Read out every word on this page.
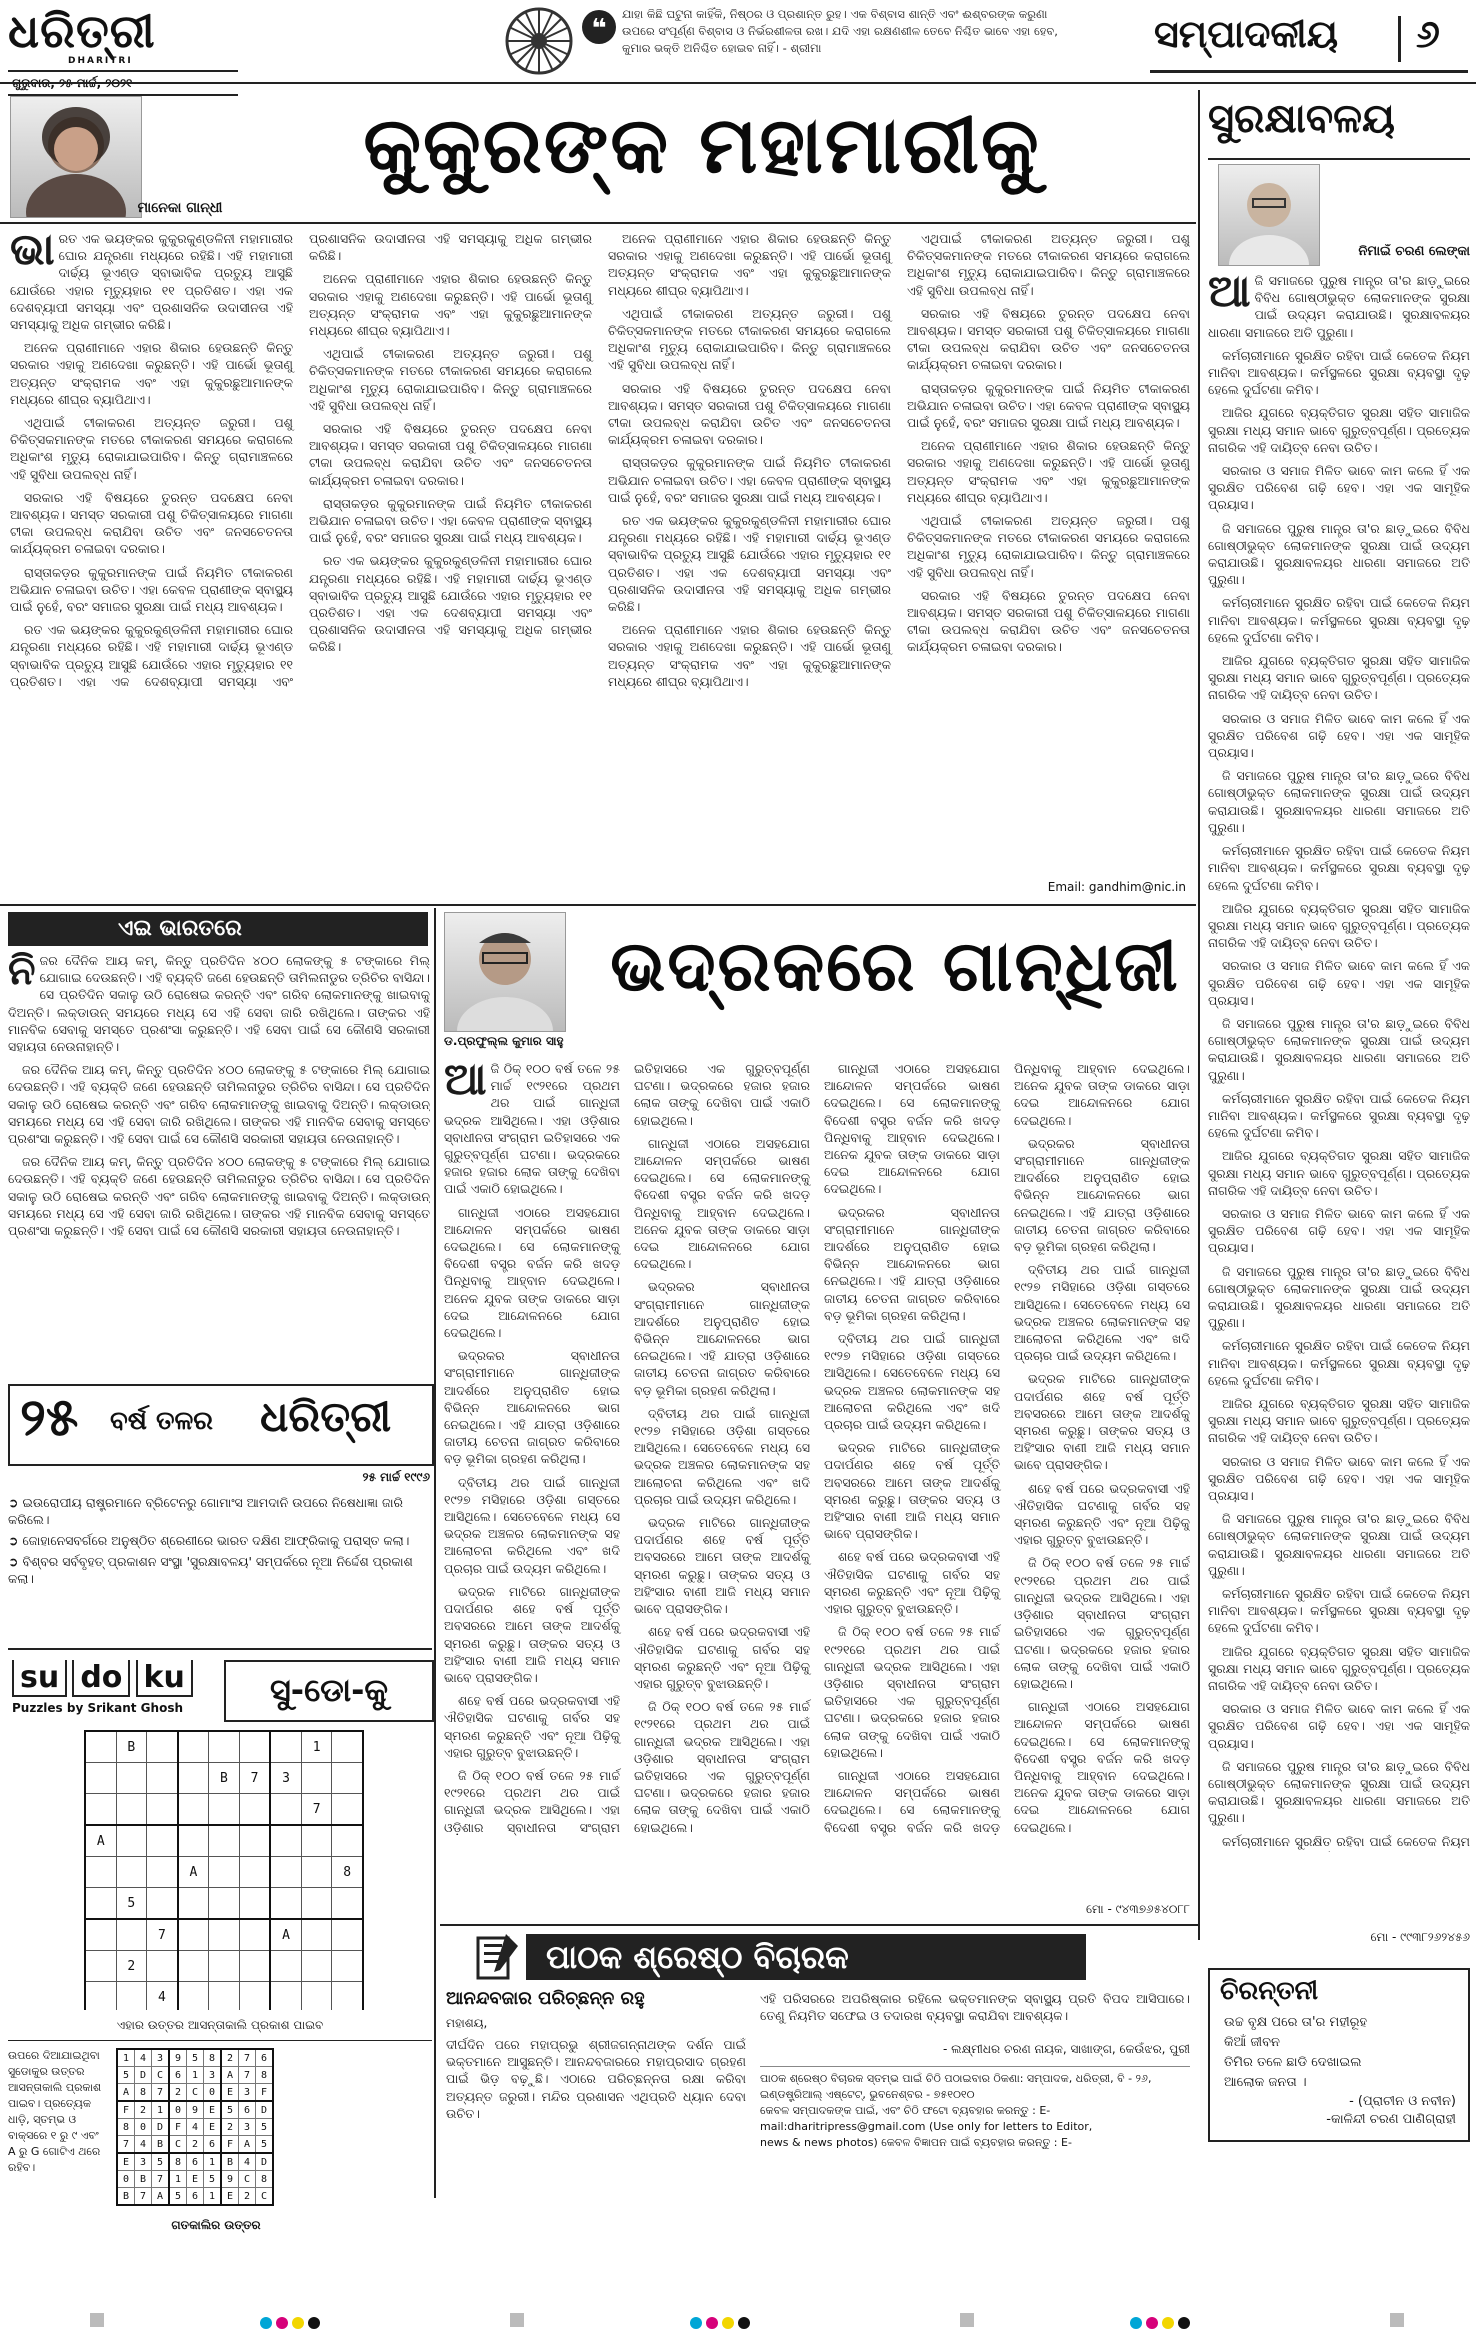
ଧରିତ୍ରୀ
DHARITRI
❝	ଯାହା କିଛି ଘଟୁନା କାହିଁକି, ନିଷ୍ଠର ଓ ପ୍ରଶାନ୍ତ ରୁହ। ଏକ ବିଶ୍ବାସ ଶାନ୍ତି ଏବଂ ଈଶ୍ବରଙ୍କ କରୁଣା ଉପରେ ସଂପୂର୍ଣ୍ଣ ବିଶ୍ବାସ ଓ ନିର୍ଭରଶୀଳତା ରଖ। ଯଦି ଏହା ରକ୍ଷଣଶୀଳ ତେବେ ନିଶ୍ଚିତ ଭାବେ ଏହା ହେବ, କୁମାର ଭକ୍ତି ଅନିଶ୍ଚିତ ହୋଇବ ନାହିଁ। - ଶ୍ରୀମା	ସମ୍ପାଦକୀୟ ୬
ମାନେକା ଗାନ୍ଧୀ
କୁକୁରଙ୍କ ମହାମାରୀକୁ

ଭାରତ ଏକ ଭୟଙ୍କର କୁକୁରକୁଣ୍ଡଳିନୀ ମହାମାରୀର ଘୋର ଯନ୍ତ୍ରଣା ମଧ୍ୟରେ ରହିଛି। ଏହି ମହାମାରୀ ଦାର୍ଢ୍ୟ ଭୂଏଣ୍ଡ ସ୍ବାଭାବିକ ପ୍ରତ୍ୟୁ ଆସୁଛି ଯୋଉଁରେ ଏହାର ମୃତ୍ୟୁହାର ୧୧ ପ୍ରତିଶତ। ଏହା ଏକ ଦେଶବ୍ୟାପୀ ସମସ୍ୟା ଏବଂ ପ୍ରଶାସନିକ ଉଦାସୀନତା ଏହି ସମସ୍ୟାକୁ ଅଧିକ ଗମ୍ଭୀର କରିଛି।

ଅନେକ ପ୍ରାଣୀମାନେ ଏହାର ଶିକାର ହେଉଛନ୍ତି କିନ୍ତୁ ସରକାର ଏହାକୁ ଅଣଦେଖା କରୁଛନ୍ତି। ଏହି ପାର୍ଭୋ ଭୂତାଣୁ ଅତ୍ୟନ୍ତ ସଂକ୍ରାମକ ଏବଂ ଏହା କୁକୁରଛୁଆମାନଙ୍କ ମଧ୍ୟରେ ଶୀଘ୍ର ବ୍ୟାପିଥାଏ।

ଏଥିପାଇଁ ଟୀକାକରଣ ଅତ୍ୟନ୍ତ ଜରୁରୀ। ପଶୁ ଚିକିତ୍ସକମାନଙ୍କ ମତରେ ଟୀକାକରଣ ସମୟରେ କରାଗଲେ ଅଧିକାଂଶ ମୃତ୍ୟୁ ରୋକାଯାଇପାରିବ। କିନ୍ତୁ ଗ୍ରାମାଞ୍ଚଳରେ ଏହି ସୁବିଧା ଉପଲବ୍ଧ ନାହିଁ।

ସରକାର ଏହି ବିଷୟରେ ତୁରନ୍ତ ପଦକ୍ଷେପ ନେବା ଆବଶ୍ୟକ। ସମସ୍ତ ସରକାରୀ ପଶୁ ଚିକିତ୍ସାଳୟରେ ମାଗଣା ଟୀକା ଉପଲବ୍ଧ କରାଯିବା ଉଚିତ ଏବଂ ଜନସଚେତନତା କାର୍ଯ୍ୟକ୍ରମ ଚଳାଇବା ଦରକାର।

ରାସ୍ତାକଡ଼ର କୁକୁରମାନଙ୍କ ପାଇଁ ନିୟମିତ ଟୀକାକରଣ ଅଭିଯାନ ଚଳାଇବା ଉଚିତ। ଏହା କେବଳ ପ୍ରାଣୀଙ୍କ ସ୍ବାସ୍ଥ୍ୟ ପାଇଁ ନୁହେଁ, ବରଂ ସମାଜର ସୁରକ୍ଷା ପାଇଁ ମଧ୍ୟ ଆବଶ୍ୟକ।

ରତ ଏକ ଭୟଙ୍କର କୁକୁରକୁଣ୍ଡଳିନୀ ମହାମାରୀର ଘୋର ଯନ୍ତ୍ରଣା ମଧ୍ୟରେ ରହିଛି। ଏହି ମହାମାରୀ ଦାର୍ଢ୍ୟ ଭୂଏଣ୍ଡ ସ୍ବାଭାବିକ ପ୍ରତ୍ୟୁ ଆସୁଛି ଯୋଉଁରେ ଏହାର ମୃତ୍ୟୁହାର ୧୧ ପ୍ରତିଶତ। ଏହା ଏକ ଦେଶବ୍ୟାପୀ ସମସ୍ୟା ଏବଂ ପ୍ରଶାସନିକ ଉଦାସୀନତା ଏହି ସମସ୍ୟାକୁ ଅଧିକ ଗମ୍ଭୀର କରିଛି।

ଅନେକ ପ୍ରାଣୀମାନେ ଏହାର ଶିକାର ହେଉଛନ୍ତି କିନ୍ତୁ ସରକାର ଏହାକୁ ଅଣଦେଖା କରୁଛନ୍ତି। ଏହି ପାର୍ଭୋ ଭୂତାଣୁ ଅତ୍ୟନ୍ତ ସଂକ୍ରାମକ ଏବଂ ଏହା କୁକୁରଛୁଆମାନଙ୍କ ମଧ୍ୟରେ ଶୀଘ୍ର ବ୍ୟାପିଥାଏ।

ଏଥିପାଇଁ ଟୀକାକରଣ ଅତ୍ୟନ୍ତ ଜରୁରୀ। ପଶୁ ଚିକିତ୍ସକମାନଙ୍କ ମତରେ ଟୀକାକରଣ ସମୟରେ କରାଗଲେ ଅଧିକାଂଶ ମୃତ୍ୟୁ ରୋକାଯାଇପାରିବ। କିନ୍ତୁ ଗ୍ରାମାଞ୍ଚଳରେ ଏହି ସୁବିଧା ଉପଲବ୍ଧ ନାହିଁ।

ସରକାର ଏହି ବିଷୟରେ ତୁରନ୍ତ ପଦକ୍ଷେପ ନେବା ଆବଶ୍ୟକ। ସମସ୍ତ ସରକାରୀ ପଶୁ ଚିକିତ୍ସାଳୟରେ ମାଗଣା ଟୀକା ଉପଲବ୍ଧ କରାଯିବା ଉଚିତ ଏବଂ ଜନସଚେତନତା କାର୍ଯ୍ୟକ୍ରମ ଚଳାଇବା ଦରକାର।

ରାସ୍ତାକଡ଼ର କୁକୁରମାନଙ୍କ ପାଇଁ ନିୟମିତ ଟୀକାକରଣ ଅଭିଯାନ ଚଳାଇବା ଉଚିତ। ଏହା କେବଳ ପ୍ରାଣୀଙ୍କ ସ୍ବାସ୍ଥ୍ୟ ପାଇଁ ନୁହେଁ, ବରଂ ସମାଜର ସୁରକ୍ଷା ପାଇଁ ମଧ୍ୟ ଆବଶ୍ୟକ।

ରତ ଏକ ଭୟଙ୍କର କୁକୁରକୁଣ୍ଡଳିନୀ ମହାମାରୀର ଘୋର ଯନ୍ତ୍ରଣା ମଧ୍ୟରେ ରହିଛି। ଏହି ମହାମାରୀ ଦାର୍ଢ୍ୟ ଭୂଏଣ୍ଡ ସ୍ବାଭାବିକ ପ୍ରତ୍ୟୁ ଆସୁଛି ଯୋଉଁରେ ଏହାର ମୃତ୍ୟୁହାର ୧୧ ପ୍ରତିଶତ। ଏହା ଏକ ଦେଶବ୍ୟାପୀ ସମସ୍ୟା ଏବଂ ପ୍ରଶାସନିକ ଉଦାସୀନତା ଏହି ସମସ୍ୟାକୁ ଅଧିକ ଗମ୍ଭୀର କରିଛି।

ଅନେକ ପ୍ରାଣୀମାନେ ଏହାର ଶିକାର ହେଉଛନ୍ତି କିନ୍ତୁ ସରକାର ଏହାକୁ ଅଣଦେଖା କରୁଛନ୍ତି। ଏହି ପାର୍ଭୋ ଭୂତାଣୁ ଅତ୍ୟନ୍ତ ସଂକ୍ରାମକ ଏବଂ ଏହା କୁକୁରଛୁଆମାନଙ୍କ ମଧ୍ୟରେ ଶୀଘ୍ର ବ୍ୟାପିଥାଏ।

ଏଥିପାଇଁ ଟୀକାକରଣ ଅତ୍ୟନ୍ତ ଜରୁରୀ। ପଶୁ ଚିକିତ୍ସକମାନଙ୍କ ମତରେ ଟୀକାକରଣ ସମୟରେ କରାଗଲେ ଅଧିକାଂଶ ମୃତ୍ୟୁ ରୋକାଯାଇପାରିବ। କିନ୍ତୁ ଗ୍ରାମାଞ୍ଚଳରେ ଏହି ସୁବିଧା ଉପଲବ୍ଧ ନାହିଁ।

ସରକାର ଏହି ବିଷୟରେ ତୁରନ୍ତ ପଦକ୍ଷେପ ନେବା ଆବଶ୍ୟକ। ସମସ୍ତ ସରକାରୀ ପଶୁ ଚିକିତ୍ସାଳୟରେ ମାଗଣା ଟୀକା ଉପଲବ୍ଧ କରାଯିବା ଉଚିତ ଏବଂ ଜନସଚେତନତା କାର୍ଯ୍ୟକ୍ରମ ଚଳାଇବା ଦରକାର।

ରାସ୍ତାକଡ଼ର କୁକୁରମାନଙ୍କ ପାଇଁ ନିୟମିତ ଟୀକାକରଣ ଅଭିଯାନ ଚଳାଇବା ଉଚିତ। ଏହା କେବଳ ପ୍ରାଣୀଙ୍କ ସ୍ବାସ୍ଥ୍ୟ ପାଇଁ ନୁହେଁ, ବରଂ ସମାଜର ସୁରକ୍ଷା ପାଇଁ ମଧ୍ୟ ଆବଶ୍ୟକ।

ରତ ଏକ ଭୟଙ୍କର କୁକୁରକୁଣ୍ଡଳିନୀ ମହାମାରୀର ଘୋର ଯନ୍ତ୍ରଣା ମଧ୍ୟରେ ରହିଛି। ଏହି ମହାମାରୀ ଦାର୍ଢ୍ୟ ଭୂଏଣ୍ଡ ସ୍ବାଭାବିକ ପ୍ରତ୍ୟୁ ଆସୁଛି ଯୋଉଁରେ ଏହାର ମୃତ୍ୟୁହାର ୧୧ ପ୍ରତିଶତ। ଏହା ଏକ ଦେଶବ୍ୟାପୀ ସମସ୍ୟା ଏବଂ ପ୍ରଶାସନିକ ଉଦାସୀନତା ଏହି ସମସ୍ୟାକୁ ଅଧିକ ଗମ୍ଭୀର କରିଛି।

ଅନେକ ପ୍ରାଣୀମାନେ ଏହାର ଶିକାର ହେଉଛନ୍ତି କିନ୍ତୁ ସରକାର ଏହାକୁ ଅଣଦେଖା କରୁଛନ୍ତି। ଏହି ପାର୍ଭୋ ଭୂତାଣୁ ଅତ୍ୟନ୍ତ ସଂକ୍ରାମକ ଏବଂ ଏହା କୁକୁରଛୁଆମାନଙ୍କ ମଧ୍ୟରେ ଶୀଘ୍ର ବ୍ୟାପିଥାଏ।

ଏଥିପାଇଁ ଟୀକାକରଣ ଅତ୍ୟନ୍ତ ଜରୁରୀ। ପଶୁ ଚିକିତ୍ସକମାନଙ୍କ ମତରେ ଟୀକାକରଣ ସମୟରେ କରାଗଲେ ଅଧିକାଂଶ ମୃତ୍ୟୁ ରୋକାଯାଇପାରିବ। କିନ୍ତୁ ଗ୍ରାମାଞ୍ଚଳରେ ଏହି ସୁବିଧା ଉପଲବ୍ଧ ନାହିଁ।

ସରକାର ଏହି ବିଷୟରେ ତୁରନ୍ତ ପଦକ୍ଷେପ ନେବା ଆବଶ୍ୟକ। ସମସ୍ତ ସରକାରୀ ପଶୁ ଚିକିତ୍ସାଳୟରେ ମାଗଣା ଟୀକା ଉପଲବ୍ଧ କରାଯିବା ଉଚିତ ଏବଂ ଜନସଚେତନତା କାର୍ଯ୍ୟକ୍ରମ ଚଳାଇବା ଦରକାର।

ରାସ୍ତାକଡ଼ର କୁକୁରମାନଙ୍କ ପାଇଁ ନିୟମିତ ଟୀକାକରଣ ଅଭିଯାନ ଚଳାଇବା ଉଚିତ। ଏହା କେବଳ ପ୍ରାଣୀଙ୍କ ସ୍ବାସ୍ଥ୍ୟ ପାଇଁ ନୁହେଁ, ବରଂ ସମାଜର ସୁରକ୍ଷା ପାଇଁ ମଧ୍ୟ ଆବଶ୍ୟକ।

ଅନେକ ପ୍ରାଣୀମାନେ ଏହାର ଶିକାର ହେଉଛନ୍ତି କିନ୍ତୁ ସରକାର ଏହାକୁ ଅଣଦେଖା କରୁଛନ୍ତି। ଏହି ପାର୍ଭୋ ଭୂତାଣୁ ଅତ୍ୟନ୍ତ ସଂକ୍ରାମକ ଏବଂ ଏହା କୁକୁରଛୁଆମାନଙ୍କ ମଧ୍ୟରେ ଶୀଘ୍ର ବ୍ୟାପିଥାଏ।

ଏଥିପାଇଁ ଟୀକାକରଣ ଅତ୍ୟନ୍ତ ଜରୁରୀ। ପଶୁ ଚିକିତ୍ସକମାନଙ୍କ ମତରେ ଟୀକାକରଣ ସମୟରେ କରାଗଲେ ଅଧିକାଂଶ ମୃତ୍ୟୁ ରୋକାଯାଇପାରିବ। କିନ୍ତୁ ଗ୍ରାମାଞ୍ଚଳରେ ଏହି ସୁବିଧା ଉପଲବ୍ଧ ନାହିଁ।

ସରକାର ଏହି ବିଷୟରେ ତୁରନ୍ତ ପଦକ୍ଷେପ ନେବା ଆବଶ୍ୟକ। ସମସ୍ତ ସରକାରୀ ପଶୁ ଚିକିତ୍ସାଳୟରେ ମାଗଣା ଟୀକା ଉପଲବ୍ଧ କରାଯିବା ଉଚିତ ଏବଂ ଜନସଚେତନତା କାର୍ଯ୍ୟକ୍ରମ ଚଳାଇବା ଦରକାର।

Email: gandhim@nic.in
ସୁରକ୍ଷାବଳୟ
ନିମାଇଁ ଚରଣ ଲେଙ୍କା

ଆଜି ସମାଜରେ ପୁରୁଷ ମାନ୍ତ୍ର ତା'ର ଛାଡ଼ୁଇରେ ବିବିଧ ଗୋଷ୍ଠୀଭୁକ୍ତ ଲୋକମାନଙ୍କ ସୁରକ୍ଷା ପାଇଁ ଉଦ୍ୟମ କରାଯାଉଛି। ସୁରକ୍ଷାବଳୟର ଧାରଣା ସମାଜରେ ଅତି ପୁରୁଣା।

କର୍ମଚାରୀମାନେ ସୁରକ୍ଷିତ ରହିବା ପାଇଁ କେତେକ ନିୟମ ମାନିବା ଆବଶ୍ୟକ। କର୍ମସ୍ଥଳରେ ସୁରକ୍ଷା ବ୍ୟବସ୍ଥା ଦୃଢ଼ ହେଲେ ଦୁର୍ଘଟଣା କମିବ।

ଆଜିର ଯୁଗରେ ବ୍ୟକ୍ତିଗତ ସୁରକ୍ଷା ସହିତ ସାମାଜିକ ସୁରକ୍ଷା ମଧ୍ୟ ସମାନ ଭାବେ ଗୁରୁତ୍ବପୂର୍ଣ୍ଣ। ପ୍ରତ୍ୟେକ ନାଗରିକ ଏହି ଦାୟିତ୍ବ ନେବା ଉଚିତ।

ସରକାର ଓ ସମାଜ ମିଳିତ ଭାବେ କାମ କଲେ ହିଁ ଏକ ସୁରକ୍ଷିତ ପରିବେଶ ଗଢ଼ି ହେବ। ଏହା ଏକ ସାମୂହିକ ପ୍ରୟାସ।

ଜି ସମାଜରେ ପୁରୁଷ ମାନ୍ତ୍ର ତା'ର ଛାଡ଼ୁଇରେ ବିବିଧ ଗୋଷ୍ଠୀଭୁକ୍ତ ଲୋକମାନଙ୍କ ସୁରକ୍ଷା ପାଇଁ ଉଦ୍ୟମ କରାଯାଉଛି। ସୁରକ୍ଷାବଳୟର ଧାରଣା ସମାଜରେ ଅତି ପୁରୁଣା।

କର୍ମଚାରୀମାନେ ସୁରକ୍ଷିତ ରହିବା ପାଇଁ କେତେକ ନିୟମ ମାନିବା ଆବଶ୍ୟକ। କର୍ମସ୍ଥଳରେ ସୁରକ୍ଷା ବ୍ୟବସ୍ଥା ଦୃଢ଼ ହେଲେ ଦୁର୍ଘଟଣା କମିବ।

ଆଜିର ଯୁଗରେ ବ୍ୟକ୍ତିଗତ ସୁରକ୍ଷା ସହିତ ସାମାଜିକ ସୁରକ୍ଷା ମଧ୍ୟ ସମାନ ଭାବେ ଗୁରୁତ୍ବପୂର୍ଣ୍ଣ। ପ୍ରତ୍ୟେକ ନାଗରିକ ଏହି ଦାୟିତ୍ବ ନେବା ଉଚିତ।

ସରକାର ଓ ସମାଜ ମିଳିତ ଭାବେ କାମ କଲେ ହିଁ ଏକ ସୁରକ୍ଷିତ ପରିବେଶ ଗଢ଼ି ହେବ। ଏହା ଏକ ସାମୂହିକ ପ୍ରୟାସ।

ଜି ସମାଜରେ ପୁରୁଷ ମାନ୍ତ୍ର ତା'ର ଛାଡ଼ୁଇରେ ବିବିଧ ଗୋଷ୍ଠୀଭୁକ୍ତ ଲୋକମାନଙ୍କ ସୁରକ୍ଷା ପାଇଁ ଉଦ୍ୟମ କରାଯାଉଛି। ସୁରକ୍ଷାବଳୟର ଧାରଣା ସମାଜରେ ଅତି ପୁରୁଣା।

କର୍ମଚାରୀମାନେ ସୁରକ୍ଷିତ ରହିବା ପାଇଁ କେତେକ ନିୟମ ମାନିବା ଆବଶ୍ୟକ। କର୍ମସ୍ଥଳରେ ସୁରକ୍ଷା ବ୍ୟବସ୍ଥା ଦୃଢ଼ ହେଲେ ଦୁର୍ଘଟଣା କମିବ।

ଆଜିର ଯୁଗରେ ବ୍ୟକ୍ତିଗତ ସୁରକ୍ଷା ସହିତ ସାମାଜିକ ସୁରକ୍ଷା ମଧ୍ୟ ସମାନ ଭାବେ ଗୁରୁତ୍ବପୂର୍ଣ୍ଣ। ପ୍ରତ୍ୟେକ ନାଗରିକ ଏହି ଦାୟିତ୍ବ ନେବା ଉଚିତ।

ସରକାର ଓ ସମାଜ ମିଳିତ ଭାବେ କାମ କଲେ ହିଁ ଏକ ସୁରକ୍ଷିତ ପରିବେଶ ଗଢ଼ି ହେବ। ଏହା ଏକ ସାମୂହିକ ପ୍ରୟାସ।

ଜି ସମାଜରେ ପୁରୁଷ ମାନ୍ତ୍ର ତା'ର ଛାଡ଼ୁଇରେ ବିବିଧ ଗୋଷ୍ଠୀଭୁକ୍ତ ଲୋକମାନଙ୍କ ସୁରକ୍ଷା ପାଇଁ ଉଦ୍ୟମ କରାଯାଉଛି। ସୁରକ୍ଷାବଳୟର ଧାରଣା ସମାଜରେ ଅତି ପୁରୁଣା।

କର୍ମଚାରୀମାନେ ସୁରକ୍ଷିତ ରହିବା ପାଇଁ କେତେକ ନିୟମ ମାନିବା ଆବଶ୍ୟକ। କର୍ମସ୍ଥଳରେ ସୁରକ୍ଷା ବ୍ୟବସ୍ଥା ଦୃଢ଼ ହେଲେ ଦୁର୍ଘଟଣା କମିବ।

ଆଜିର ଯୁଗରେ ବ୍ୟକ୍ତିଗତ ସୁରକ୍ଷା ସହିତ ସାମାଜିକ ସୁରକ୍ଷା ମଧ୍ୟ ସମାନ ଭାବେ ଗୁରୁତ୍ବପୂର୍ଣ୍ଣ। ପ୍ରତ୍ୟେକ ନାଗରିକ ଏହି ଦାୟିତ୍ବ ନେବା ଉଚିତ।

ସରକାର ଓ ସମାଜ ମିଳିତ ଭାବେ କାମ କଲେ ହିଁ ଏକ ସୁରକ୍ଷିତ ପରିବେଶ ଗଢ଼ି ହେବ। ଏହା ଏକ ସାମୂହିକ ପ୍ରୟାସ।

ଜି ସମାଜରେ ପୁରୁଷ ମାନ୍ତ୍ର ତା'ର ଛାଡ଼ୁଇରେ ବିବିଧ ଗୋଷ୍ଠୀଭୁକ୍ତ ଲୋକମାନଙ୍କ ସୁରକ୍ଷା ପାଇଁ ଉଦ୍ୟମ କରାଯାଉଛି। ସୁରକ୍ଷାବଳୟର ଧାରଣା ସମାଜରେ ଅତି ପୁରୁଣା।

କର୍ମଚାରୀମାନେ ସୁରକ୍ଷିତ ରହିବା ପାଇଁ କେତେକ ନିୟମ ମାନିବା ଆବଶ୍ୟକ। କର୍ମସ୍ଥଳରେ ସୁରକ୍ଷା ବ୍ୟବସ୍ଥା ଦୃଢ଼ ହେଲେ ଦୁର୍ଘଟଣା କମିବ।

ଆଜିର ଯୁଗରେ ବ୍ୟକ୍ତିଗତ ସୁରକ୍ଷା ସହିତ ସାମାଜିକ ସୁରକ୍ଷା ମଧ୍ୟ ସମାନ ଭାବେ ଗୁରୁତ୍ବପୂର୍ଣ୍ଣ। ପ୍ରତ୍ୟେକ ନାଗରିକ ଏହି ଦାୟିତ୍ବ ନେବା ଉଚିତ।

ସରକାର ଓ ସମାଜ ମିଳିତ ଭାବେ କାମ କଲେ ହିଁ ଏକ ସୁରକ୍ଷିତ ପରିବେଶ ଗଢ଼ି ହେବ। ଏହା ଏକ ସାମୂହିକ ପ୍ରୟାସ।

ଜି ସମାଜରେ ପୁରୁଷ ମାନ୍ତ୍ର ତା'ର ଛାଡ଼ୁଇରେ ବିବିଧ ଗୋଷ୍ଠୀଭୁକ୍ତ ଲୋକମାନଙ୍କ ସୁରକ୍ଷା ପାଇଁ ଉଦ୍ୟମ କରାଯାଉଛି। ସୁରକ୍ଷାବଳୟର ଧାରଣା ସମାଜରେ ଅତି ପୁରୁଣା।

କର୍ମଚାରୀମାନେ ସୁରକ୍ଷିତ ରହିବା ପାଇଁ କେତେକ ନିୟମ ମାନିବା ଆବଶ୍ୟକ। କର୍ମସ୍ଥଳରେ ସୁରକ୍ଷା ବ୍ୟବସ୍ଥା ଦୃଢ଼ ହେଲେ ଦୁର୍ଘଟଣା କମିବ।

ଆଜିର ଯୁଗରେ ବ୍ୟକ୍ତିଗତ ସୁରକ୍ଷା ସହିତ ସାମାଜିକ ସୁରକ୍ଷା ମଧ୍ୟ ସମାନ ଭାବେ ଗୁରୁତ୍ବପୂର୍ଣ୍ଣ। ପ୍ରତ୍ୟେକ ନାଗରିକ ଏହି ଦାୟିତ୍ବ ନେବା ଉଚିତ।

ସରକାର ଓ ସମାଜ ମିଳିତ ଭାବେ କାମ କଲେ ହିଁ ଏକ ସୁରକ୍ଷିତ ପରିବେଶ ଗଢ଼ି ହେବ। ଏହା ଏକ ସାମୂହିକ ପ୍ରୟାସ।

ଜି ସମାଜରେ ପୁରୁଷ ମାନ୍ତ୍ର ତା'ର ଛାଡ଼ୁଇରେ ବିବିଧ ଗୋଷ୍ଠୀଭୁକ୍ତ ଲୋକମାନଙ୍କ ସୁରକ୍ଷା ପାଇଁ ଉଦ୍ୟମ କରାଯାଉଛି। ସୁରକ୍ଷାବଳୟର ଧାରଣା ସମାଜରେ ଅତି ପୁରୁଣା।

କର୍ମଚାରୀମାନେ ସୁରକ୍ଷିତ ରହିବା ପାଇଁ କେତେକ ନିୟମ

ମୋ - ୯୯୩୮୨୬୨୪୫୬
ଚିରନ୍ତନୀ
ଉଚ୍ଚ ବୃକ୍ଷ ପରେ ତା'ର ମହୀରୂହ
କିଆଁ ଜୀବନ
ତିମିର ତଳେ ଛାଡି ଦେଖାଇଲ
ଆଲୋକ ଜନତା ।
- (ପ୍ରାଚୀନ ଓ ନବୀନ)
-କାଳିନ୍ଦୀ ଚରଣ ପାଣିଗ୍ରାହୀ
ଏଇ ଭାରତରେ

ନିଜର ଦୈନିକ ଆୟ କମ୍, କିନ୍ତୁ ପ୍ରତିଦିନ ୪୦୦ ଲୋକଙ୍କୁ ୫ ଟଙ୍କାରେ ମିଲ୍ ଯୋଗାଇ ଦେଉଛନ୍ତି। ଏହି ବ୍ୟକ୍ତି ଜଣେ ହେଉଛନ୍ତି ତାମିଲନାଡୁର ତ୍ରିଚିର ବାସିନ୍ଦା। ସେ ପ୍ରତିଦିନ ସକାଳୁ ଉଠି ରୋଷେଇ କରନ୍ତି ଏବଂ ଗରିବ ଲୋକମାନଙ୍କୁ ଖାଇବାକୁ ଦିଅନ୍ତି। ଲକ୍ଡାଉନ୍ ସମୟରେ ମଧ୍ୟ ସେ ଏହି ସେବା ଜାରି ରଖିଥିଲେ। ତାଙ୍କର ଏହି ମାନବିକ ସେବାକୁ ସମସ୍ତେ ପ୍ରଶଂସା କରୁଛନ୍ତି। ଏହି ସେବା ପାଇଁ ସେ କୌଣସି ସରକାରୀ ସହାୟତା ନେଉନାହାନ୍ତି।

ଜର ଦୈନିକ ଆୟ କମ୍, କିନ୍ତୁ ପ୍ରତିଦିନ ୪୦୦ ଲୋକଙ୍କୁ ୫ ଟଙ୍କାରେ ମିଲ୍ ଯୋଗାଇ ଦେଉଛନ୍ତି। ଏହି ବ୍ୟକ୍ତି ଜଣେ ହେଉଛନ୍ତି ତାମିଲନାଡୁର ତ୍ରିଚିର ବାସିନ୍ଦା। ସେ ପ୍ରତିଦିନ ସକାଳୁ ଉଠି ରୋଷେଇ କରନ୍ତି ଏବଂ ଗରିବ ଲୋକମାନଙ୍କୁ ଖାଇବାକୁ ଦିଅନ୍ତି। ଲକ୍ଡାଉନ୍ ସମୟରେ ମଧ୍ୟ ସେ ଏହି ସେବା ଜାରି ରଖିଥିଲେ। ତାଙ୍କର ଏହି ମାନବିକ ସେବାକୁ ସମସ୍ତେ ପ୍ରଶଂସା କରୁଛନ୍ତି। ଏହି ସେବା ପାଇଁ ସେ କୌଣସି ସରକାରୀ ସହାୟତା ନେଉନାହାନ୍ତି।

ଜର ଦୈନିକ ଆୟ କମ୍, କିନ୍ତୁ ପ୍ରତିଦିନ ୪୦୦ ଲୋକଙ୍କୁ ୫ ଟଙ୍କାରେ ମିଲ୍ ଯୋଗାଇ ଦେଉଛନ୍ତି। ଏହି ବ୍ୟକ୍ତି ଜଣେ ହେଉଛନ୍ତି ତାମିଲନାଡୁର ତ୍ରିଚିର ବାସିନ୍ଦା। ସେ ପ୍ରତିଦିନ ସକାଳୁ ଉଠି ରୋଷେଇ କରନ୍ତି ଏବଂ ଗରିବ ଲୋକମାନଙ୍କୁ ଖାଇବାକୁ ଦିଅନ୍ତି। ଲକ୍ଡାଉନ୍ ସମୟରେ ମଧ୍ୟ ସେ ଏହି ସେବା ଜାରି ରଖିଥିଲେ। ତାଙ୍କର ଏହି ମାନବିକ ସେବାକୁ ସମସ୍ତେ ପ୍ରଶଂସା କରୁଛନ୍ତି। ଏହି ସେବା ପାଇଁ ସେ କୌଣସି ସରକାରୀ ସହାୟତା ନେଉନାହାନ୍ତି।

୨୫ ବର୍ଷ ତଳର ଧରିତ୍ରୀ
୨୫ ମାର୍ଚ୍ଚ ୧୯୯୬
➲ ଇଉରୋପୀୟ ରାଷ୍ଟ୍ରମାନେ ବ୍ରିଟେନରୁ ଗୋମାଂସ ଆମଦାନି ଉପରେ ନିଷେଧାଜ୍ଞା ଜାରି କରିଲେ।
➲ ଜୋହାନେସବର୍ଗରେ ଅନୁଷ୍ଠିତ ଶ୍ରେଣୀରେ ଭାରତ ଦକ୍ଷିଣ ଆଫ୍ରିକାକୁ ପରାସ୍ତ କଲା।
➲ ବିଶ୍ବର ସର୍ବବୃହତ୍ ପ୍ରକାଶନ ସଂସ୍ଥା 'ସୁରକ୍ଷାବଳୟ' ସମ୍ପର୍କରେ ନୂଆ ନିର୍ଦ୍ଦେଶ ପ୍ରକାଶ କଲା।
su do ku
Puzzles by Srikant Ghosh	ସୁ-ଡୋ-କୁ
	B						1	
				B	7	3		
							7	
A								
			A					8
	5							
		7				A		
	2							
		4						
ଏହାର ଉତ୍ତର ଆସନ୍ତାକାଲି ପ୍ରକାଶ ପାଇବ
ଉପରେ ଦିଆଯାଇଥିବା ସୁଡୋକୁର ଉତ୍ତର ଆସନ୍ତାକାଲି ପ୍ରକାଶ ପାଇବ। ପ୍ରତ୍ୟେକ ଧାଡ଼ି, ସ୍ତମ୍ଭ ଓ ବାକ୍ସରେ ୧ ରୁ ୯ ଏବଂ A ରୁ G ଗୋଟିଏ ଥରେ ରହିବ।
1	4	3	9	5	8	2	7	6
5	D	C	6	1	3	A	7	8
A	8	7	2	C	0	E	3	F
F	2	1	0	9	E	5	6	D
8	0	D	F	4	E	2	3	5
7	4	B	C	2	6	F	A	5
E	3	5	8	6	1	B	4	D
0	B	7	1	E	5	9	C	8
B	7	A	5	6	1	E	2	C
ଗତକାଲିର ଉତ୍ତର
ଡ.ପ୍ରଫୁଲ୍ଲ କୁମାର ସାହୁ
ଭଦ୍ରକରେ ଗାନ୍ଧିଜୀ

ଆଜି ଠିକ୍ ୧୦୦ ବର୍ଷ ତଳେ ୨୫ ମାର୍ଚ୍ଚ ୧୯୨୧ରେ ପ୍ରଥମ ଥର ପାଇଁ ଗାନ୍ଧିଜୀ ଭଦ୍ରକ ଆସିଥିଲେ। ଏହା ଓଡ଼ିଶାର ସ୍ବାଧୀନତା ସଂଗ୍ରାମ ଇତିହାସରେ ଏକ ଗୁରୁତ୍ବପୂର୍ଣ୍ଣ ଘଟଣା। ଭଦ୍ରକରେ ହଜାର ହଜାର ଲୋକ ତାଙ୍କୁ ଦେଖିବା ପାଇଁ ଏକାଠି ହୋଇଥିଲେ।

ଗାନ୍ଧିଜୀ ଏଠାରେ ଅସହଯୋଗ ଆନ୍ଦୋଳନ ସମ୍ପର୍କରେ ଭାଷଣ ଦେଇଥିଲେ। ସେ ଲୋକମାନଙ୍କୁ ବିଦେଶୀ ବସ୍ତ୍ର ବର୍ଜନ କରି ଖଦଡ଼ ପିନ୍ଧିବାକୁ ଆହ୍ବାନ ଦେଇଥିଲେ। ଅନେକ ଯୁବକ ତାଙ୍କ ଡାକରେ ସାଡ଼ା ଦେଇ ଆନ୍ଦୋଳନରେ ଯୋଗ ଦେଇଥିଲେ।

ଭଦ୍ରକର ସ୍ବାଧୀନତା ସଂଗ୍ରାମୀମାନେ ଗାନ୍ଧିଜୀଙ୍କ ଆଦର୍ଶରେ ଅନୁପ୍ରାଣିତ ହୋଇ ବିଭିନ୍ନ ଆନ୍ଦୋଳନରେ ଭାଗ ନେଇଥିଲେ। ଏହି ଯାତ୍ରା ଓଡ଼ିଶାରେ ଜାତୀୟ ଚେତନା ଜାଗ୍ରତ କରିବାରେ ବଡ଼ ଭୂମିକା ଗ୍ରହଣ କରିଥିଲା।

ଦ୍ବିତୀୟ ଥର ପାଇଁ ଗାନ୍ଧିଜୀ ୧୯୨୭ ମସିହାରେ ଓଡ଼ିଶା ଗସ୍ତରେ ଆସିଥିଲେ। ସେତେବେଳେ ମଧ୍ୟ ସେ ଭଦ୍ରକ ଅଞ୍ଚଳର ଲୋକମାନଙ୍କ ସହ ଆଲୋଚନା କରିଥିଲେ ଏବଂ ଖଦି ପ୍ରଚାର ପାଇଁ ଉଦ୍ୟମ କରିଥିଲେ।

ଭଦ୍ରକ ମାଟିରେ ଗାନ୍ଧିଜୀଙ୍କ ପଦାର୍ପଣର ଶହେ ବର୍ଷ ପୂର୍ତ୍ତି ଅବସରରେ ଆମେ ତାଙ୍କ ଆଦର୍ଶକୁ ସ୍ମରଣ କରୁଛୁ। ତାଙ୍କର ସତ୍ୟ ଓ ଅହିଂସାର ବାଣୀ ଆଜି ମଧ୍ୟ ସମାନ ଭାବେ ପ୍ରାସଙ୍ଗିକ।

ଶହେ ବର୍ଷ ପରେ ଭଦ୍ରକବାସୀ ଏହି ଐତିହାସିକ ଘଟଣାକୁ ଗର୍ବର ସହ ସ୍ମରଣ କରୁଛନ୍ତି ଏବଂ ନୂଆ ପିଢ଼ିକୁ ଏହାର ଗୁରୁତ୍ବ ବୁଝାଉଛନ୍ତି।

ଜି ଠିକ୍ ୧୦୦ ବର୍ଷ ତଳେ ୨୫ ମାର୍ଚ୍ଚ ୧୯୨୧ରେ ପ୍ରଥମ ଥର ପାଇଁ ଗାନ୍ଧିଜୀ ଭଦ୍ରକ ଆସିଥିଲେ। ଏହା ଓଡ଼ିଶାର ସ୍ବାଧୀନତା ସଂଗ୍ରାମ ଇତିହାସରେ ଏକ ଗୁରୁତ୍ବପୂର୍ଣ୍ଣ ଘଟଣା। ଭଦ୍ରକରେ ହଜାର ହଜାର ଲୋକ ତାଙ୍କୁ ଦେଖିବା ପାଇଁ ଏକାଠି ହୋଇଥିଲେ।

ଗାନ୍ଧିଜୀ ଏଠାରେ ଅସହଯୋଗ ଆନ୍ଦୋଳନ ସମ୍ପର୍କରେ ଭାଷଣ ଦେଇଥିଲେ। ସେ ଲୋକମାନଙ୍କୁ ବିଦେଶୀ ବସ୍ତ୍ର ବର୍ଜନ କରି ଖଦଡ଼ ପିନ୍ଧିବାକୁ ଆହ୍ବାନ ଦେଇଥିଲେ। ଅନେକ ଯୁବକ ତାଙ୍କ ଡାକରେ ସାଡ଼ା ଦେଇ ଆନ୍ଦୋଳନରେ ଯୋଗ ଦେଇଥିଲେ।

ଭଦ୍ରକର ସ୍ବାଧୀନତା ସଂଗ୍ରାମୀମାନେ ଗାନ୍ଧିଜୀଙ୍କ ଆଦର୍ଶରେ ଅନୁପ୍ରାଣିତ ହୋଇ ବିଭିନ୍ନ ଆନ୍ଦୋଳନରେ ଭାଗ ନେଇଥିଲେ। ଏହି ଯାତ୍ରା ଓଡ଼ିଶାରେ ଜାତୀୟ ଚେତନା ଜାଗ୍ରତ କରିବାରେ ବଡ଼ ଭୂମିକା ଗ୍ରହଣ କରିଥିଲା।

ଦ୍ବିତୀୟ ଥର ପାଇଁ ଗାନ୍ଧିଜୀ ୧୯୨୭ ମସିହାରେ ଓଡ଼ିଶା ଗସ୍ତରେ ଆସିଥିଲେ। ସେତେବେଳେ ମଧ୍ୟ ସେ ଭଦ୍ରକ ଅଞ୍ଚଳର ଲୋକମାନଙ୍କ ସହ ଆଲୋଚନା କରିଥିଲେ ଏବଂ ଖଦି ପ୍ରଚାର ପାଇଁ ଉଦ୍ୟମ କରିଥିଲେ।

ଭଦ୍ରକ ମାଟିରେ ଗାନ୍ଧିଜୀଙ୍କ ପଦାର୍ପଣର ଶହେ ବର୍ଷ ପୂର୍ତ୍ତି ଅବସରରେ ଆମେ ତାଙ୍କ ଆଦର୍ଶକୁ ସ୍ମରଣ କରୁଛୁ। ତାଙ୍କର ସତ୍ୟ ଓ ଅହିଂସାର ବାଣୀ ଆଜି ମଧ୍ୟ ସମାନ ଭାବେ ପ୍ରାସଙ୍ଗିକ।

ଶହେ ବର୍ଷ ପରେ ଭଦ୍ରକବାସୀ ଏହି ଐତିହାସିକ ଘଟଣାକୁ ଗର୍ବର ସହ ସ୍ମରଣ କରୁଛନ୍ତି ଏବଂ ନୂଆ ପିଢ଼ିକୁ ଏହାର ଗୁରୁତ୍ବ ବୁଝାଉଛନ୍ତି।

ଜି ଠିକ୍ ୧୦୦ ବର୍ଷ ତଳେ ୨୫ ମାର୍ଚ୍ଚ ୧୯୨୧ରେ ପ୍ରଥମ ଥର ପାଇଁ ଗାନ୍ଧିଜୀ ଭଦ୍ରକ ଆସିଥିଲେ। ଏହା ଓଡ଼ିଶାର ସ୍ବାଧୀନତା ସଂଗ୍ରାମ ଇତିହାସରେ ଏକ ଗୁରୁତ୍ବପୂର୍ଣ୍ଣ ଘଟଣା। ଭଦ୍ରକରେ ହଜାର ହଜାର ଲୋକ ତାଙ୍କୁ ଦେଖିବା ପାଇଁ ଏକାଠି ହୋଇଥିଲେ।

ଗାନ୍ଧିଜୀ ଏଠାରେ ଅସହଯୋଗ ଆନ୍ଦୋଳନ ସମ୍ପର୍କରେ ଭାଷଣ ଦେଇଥିଲେ। ସେ ଲୋକମାନଙ୍କୁ ବିଦେଶୀ ବସ୍ତ୍ର ବର୍ଜନ କରି ଖଦଡ଼ ପିନ୍ଧିବାକୁ ଆହ୍ବାନ ଦେଇଥିଲେ। ଅନେକ ଯୁବକ ତାଙ୍କ ଡାକରେ ସାଡ଼ା ଦେଇ ଆନ୍ଦୋଳନରେ ଯୋଗ ଦେଇଥିଲେ।

ଭଦ୍ରକର ସ୍ବାଧୀନତା ସଂଗ୍ରାମୀମାନେ ଗାନ୍ଧିଜୀଙ୍କ ଆଦର୍ଶରେ ଅନୁପ୍ରାଣିତ ହୋଇ ବିଭିନ୍ନ ଆନ୍ଦୋଳନରେ ଭାଗ ନେଇଥିଲେ। ଏହି ଯାତ୍ରା ଓଡ଼ିଶାରେ ଜାତୀୟ ଚେତନା ଜାଗ୍ରତ କରିବାରେ ବଡ଼ ଭୂମିକା ଗ୍ରହଣ କରିଥିଲା।

ଦ୍ବିତୀୟ ଥର ପାଇଁ ଗାନ୍ଧିଜୀ ୧୯୨୭ ମସିହାରେ ଓଡ଼ିଶା ଗସ୍ତରେ ଆସିଥିଲେ। ସେତେବେଳେ ମଧ୍ୟ ସେ ଭଦ୍ରକ ଅଞ୍ଚଳର ଲୋକମାନଙ୍କ ସହ ଆଲୋଚନା କରିଥିଲେ ଏବଂ ଖଦି ପ୍ରଚାର ପାଇଁ ଉଦ୍ୟମ କରିଥିଲେ।

ଭଦ୍ରକ ମାଟିରେ ଗାନ୍ଧିଜୀଙ୍କ ପଦାର୍ପଣର ଶହେ ବର୍ଷ ପୂର୍ତ୍ତି ଅବସରରେ ଆମେ ତାଙ୍କ ଆଦର୍ଶକୁ ସ୍ମରଣ କରୁଛୁ। ତାଙ୍କର ସତ୍ୟ ଓ ଅହିଂସାର ବାଣୀ ଆଜି ମଧ୍ୟ ସମାନ ଭାବେ ପ୍ରାସଙ୍ଗିକ।

ଶହେ ବର୍ଷ ପରେ ଭଦ୍ରକବାସୀ ଏହି ଐତିହାସିକ ଘଟଣାକୁ ଗର୍ବର ସହ ସ୍ମରଣ କରୁଛନ୍ତି ଏବଂ ନୂଆ ପିଢ଼ିକୁ ଏହାର ଗୁରୁତ୍ବ ବୁଝାଉଛନ୍ତି।

ଜି ଠିକ୍ ୧୦୦ ବର୍ଷ ତଳେ ୨୫ ମାର୍ଚ୍ଚ ୧୯୨୧ରେ ପ୍ରଥମ ଥର ପାଇଁ ଗାନ୍ଧିଜୀ ଭଦ୍ରକ ଆସିଥିଲେ। ଏହା ଓଡ଼ିଶାର ସ୍ବାଧୀନତା ସଂଗ୍ରାମ ଇତିହାସରେ ଏକ ଗୁରୁତ୍ବପୂର୍ଣ୍ଣ ଘଟଣା। ଭଦ୍ରକରେ ହଜାର ହଜାର ଲୋକ ତାଙ୍କୁ ଦେଖିବା ପାଇଁ ଏକାଠି ହୋଇଥିଲେ।

ଗାନ୍ଧିଜୀ ଏଠାରେ ଅସହଯୋଗ ଆନ୍ଦୋଳନ ସମ୍ପର୍କରେ ଭାଷଣ ଦେଇଥିଲେ। ସେ ଲୋକମାନଙ୍କୁ ବିଦେଶୀ ବସ୍ତ୍ର ବର୍ଜନ କରି ଖଦଡ଼ ପିନ୍ଧିବାକୁ ଆହ୍ବାନ ଦେଇଥିଲେ। ଅନେକ ଯୁବକ ତାଙ୍କ ଡାକରେ ସାଡ଼ା ଦେଇ ଆନ୍ଦୋଳନରେ ଯୋଗ ଦେଇଥିଲେ।

ଭଦ୍ରକର ସ୍ବାଧୀନତା ସଂଗ୍ରାମୀମାନେ ଗାନ୍ଧିଜୀଙ୍କ ଆଦର୍ଶରେ ଅନୁପ୍ରାଣିତ ହୋଇ ବିଭିନ୍ନ ଆନ୍ଦୋଳନରେ ଭାଗ ନେଇଥିଲେ। ଏହି ଯାତ୍ରା ଓଡ଼ିଶାରେ ଜାତୀୟ ଚେତନା ଜାଗ୍ରତ କରିବାରେ ବଡ଼ ଭୂମିକା ଗ୍ରହଣ କରିଥିଲା।

ଦ୍ବିତୀୟ ଥର ପାଇଁ ଗାନ୍ଧିଜୀ ୧୯୨୭ ମସିହାରେ ଓଡ଼ିଶା ଗସ୍ତରେ ଆସିଥିଲେ। ସେତେବେଳେ ମଧ୍ୟ ସେ ଭଦ୍ରକ ଅଞ୍ଚଳର ଲୋକମାନଙ୍କ ସହ ଆଲୋଚନା କରିଥିଲେ ଏବଂ ଖଦି ପ୍ରଚାର ପାଇଁ ଉଦ୍ୟମ କରିଥିଲେ।

ଭଦ୍ରକ ମାଟିରେ ଗାନ୍ଧିଜୀଙ୍କ ପଦାର୍ପଣର ଶହେ ବର୍ଷ ପୂର୍ତ୍ତି ଅବସରରେ ଆମେ ତାଙ୍କ ଆଦର୍ଶକୁ ସ୍ମରଣ କରୁଛୁ। ତାଙ୍କର ସତ୍ୟ ଓ ଅହିଂସାର ବାଣୀ ଆଜି ମଧ୍ୟ ସମାନ ଭାବେ ପ୍ରାସଙ୍ଗିକ।

ଶହେ ବର୍ଷ ପରେ ଭଦ୍ରକବାସୀ ଏହି ଐତିହାସିକ ଘଟଣାକୁ ଗର୍ବର ସହ ସ୍ମରଣ କରୁଛନ୍ତି ଏବଂ ନୂଆ ପିଢ଼ିକୁ ଏହାର ଗୁରୁତ୍ବ ବୁଝାଉଛନ୍ତି।

ଜି ଠିକ୍ ୧୦୦ ବର୍ଷ ତଳେ ୨୫ ମାର୍ଚ୍ଚ ୧୯୨୧ରେ ପ୍ରଥମ ଥର ପାଇଁ ଗାନ୍ଧିଜୀ ଭଦ୍ରକ ଆସିଥିଲେ। ଏହା ଓଡ଼ିଶାର ସ୍ବାଧୀନତା ସଂଗ୍ରାମ ଇତିହାସରେ ଏକ ଗୁରୁତ୍ବପୂର୍ଣ୍ଣ ଘଟଣା। ଭଦ୍ରକରେ ହଜାର ହଜାର ଲୋକ ତାଙ୍କୁ ଦେଖିବା ପାଇଁ ଏକାଠି ହୋଇଥିଲେ।

ଗାନ୍ଧିଜୀ ଏଠାରେ ଅସହଯୋଗ ଆନ୍ଦୋଳନ ସମ୍ପର୍କରେ ଭାଷଣ ଦେଇଥିଲେ। ସେ ଲୋକମାନଙ୍କୁ ବିଦେଶୀ ବସ୍ତ୍ର ବର୍ଜନ କରି ଖଦଡ଼ ପିନ୍ଧିବାକୁ ଆହ୍ବାନ ଦେଇଥିଲେ। ଅନେକ ଯୁବକ ତାଙ୍କ ଡାକରେ ସାଡ଼ା ଦେଇ ଆନ୍ଦୋଳନରେ ଯୋଗ ଦେଇଥିଲେ।

ମୋ - ୯୪୩୭୬୫୪୦୮୮
ପାଠକ ଶ୍ରେଷ୍ଠ ବିଚାରକ
ଆନନ୍ଦବଜାର ପରିଚ୍ଛନ୍ନ ରହୁ
ମହାଶୟ,
ଦୀର୍ଘଦିନ ପରେ ମହାପ୍ରଭୁ ଶ୍ରୀଜଗନ୍ନାଥଙ୍କ ଦର୍ଶନ ପାଇଁ ଭକ୍ତମାନେ ଆସୁଛନ୍ତି। ଆନନ୍ଦବଜାରରେ ମହାପ୍ରସାଦ ଗ୍ରହଣ ପାଇଁ ଭିଡ଼ ବଢ଼ୁଛି। ଏଠାରେ ପରିଚ୍ଛନ୍ନତା ରକ୍ଷା କରିବା ଅତ୍ୟନ୍ତ ଜରୁରୀ। ମନ୍ଦିର ପ୍ରଶାସନ ଏଥିପ୍ରତି ଧ୍ୟାନ ଦେବା ଉଚିତ।
ଏହି ପରିସରରେ ଅପରିଷ୍କାର ରହିଲେ ଭକ୍ତମାନଙ୍କ ସ୍ବାସ୍ଥ୍ୟ ପ୍ରତି ବିପଦ ଆସିପାରେ। ତେଣୁ ନିୟମିତ ସଫେଇ ଓ ତଦାରଖ ବ୍ୟବସ୍ଥା କରାଯିବା ଆବଶ୍ୟକ।
- ଲକ୍ଷ୍ମୀଧର ଚରଣ ନାୟକ, ସାଖାଙ୍ଗ, କେଉଁଝର, ପୁରୀ
ପାଠକ ଶ୍ରେଷ୍ଠ ବିଚାରକ ସ୍ତମ୍ଭ ପାଇଁ ଚିଠି ପଠାଇବାର ଠିକଣା: ସମ୍ପାଦକ, ଧରିତ୍ରୀ, ବି - ୨୬, ଇଣ୍ଡଷ୍ଟ୍ରିଆଲ୍ ଏଷ୍ଟେଟ୍, ଭୁବନେଶ୍ବର - ୭୫୧୦୧୦
କେବଳ ସମ୍ପାଦକଙ୍କ ପାଇଁ, ଏବଂ ଚିଠି ଫଟୋ ବ୍ୟବହାର କରନ୍ତୁ : E-mail:dharitripress@gmail.com (Use only for letters to Editor,
news & news photos) କେବଳ ବିଜ୍ଞାପନ ପାଇଁ ବ୍ୟବହାର କରନ୍ତୁ : E-
